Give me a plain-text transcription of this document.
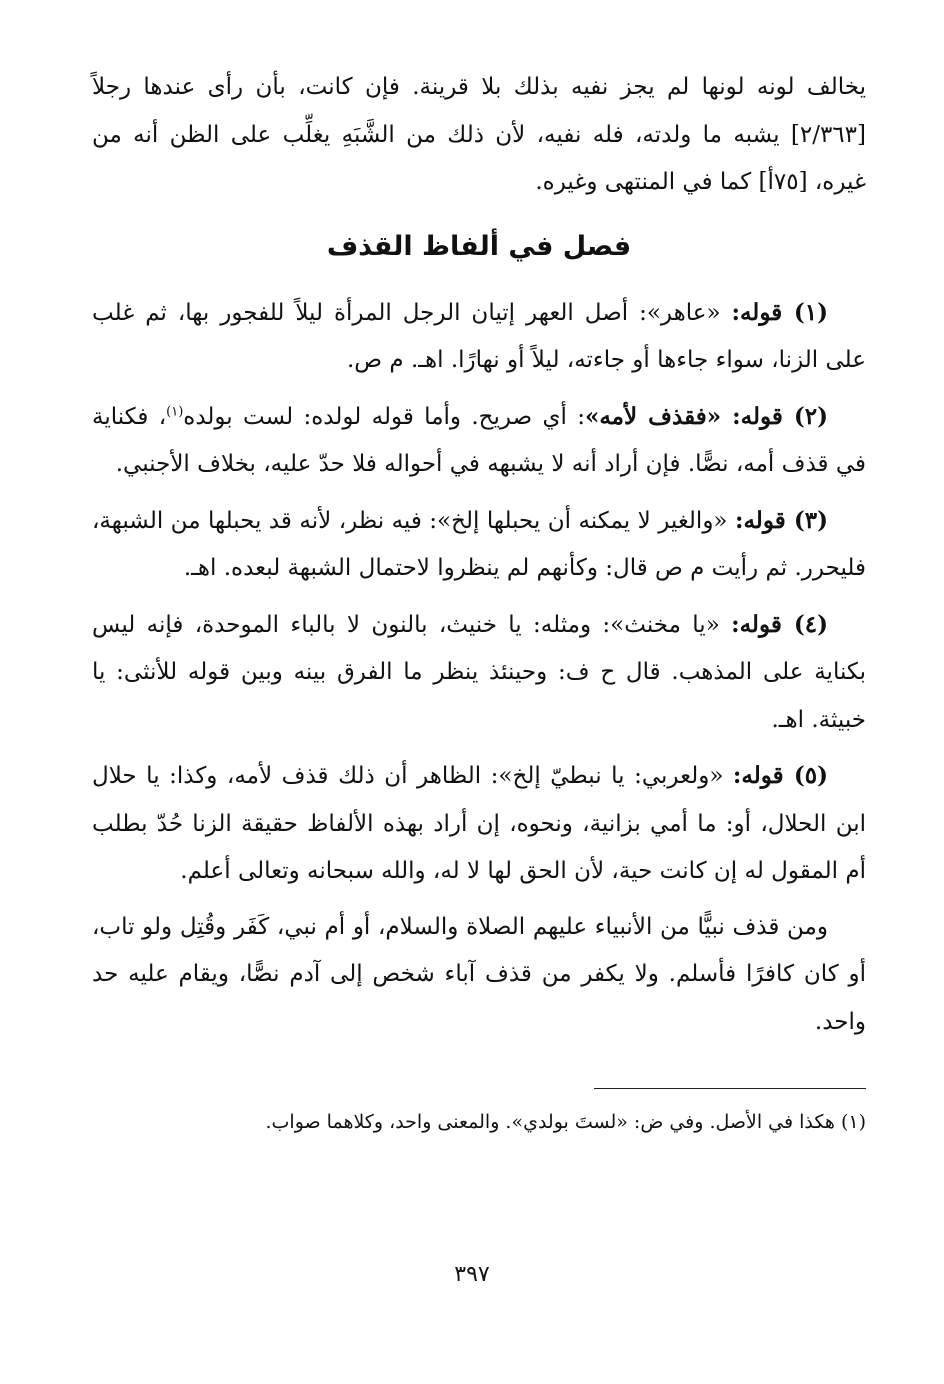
يخالف لونه لونها لم يجز نفيه بذلك بلا قرينة. فإن كانت، بأن رأى عندها رجلاً [٢/٣٦٣] يشبه ما ولدته، فله نفيه، لأن ذلك من الشَّبَهِ يغلِّب على الظن أنه من غيره، [٧٥أ] كما في المنتهى وغيره.

فصل في ألفاظ القذف

(١) قوله: «عاهر»: أصل العهر إتيان الرجل المرأة ليلاً للفجور بها، ثم غلب على الزنا، سواء جاءها أو جاءته، ليلاً أو نهارًا. اهـ. م ص.

(٢) قوله: «فقذف لأمه»: أي صريح. وأما قوله لولده: لست بولده$^{(١)}$، فكناية في قذف أمه، نصًّا. فإن أراد أنه لا يشبهه في أحواله فلا حدّ عليه، بخلاف الأجنبي.

(٣) قوله: «والغير لا يمكنه أن يحبلها إلخ»: فيه نظر، لأنه قد يحبلها من الشبهة، فليحرر. ثم رأيت م ص قال: وكأنهم لم ينظروا لاحتمال الشبهة لبعده. اهـ.

(٤) قوله: «يا مخنث»: ومثله: يا خنيث، بالنون لا بالباء الموحدة، فإنه ليس بكناية على المذهب. قال ح ف: وحينئذ ينظر ما الفرق بينه وبين قوله للأنثى: يا خبيثة. اهـ.

(٥) قوله: «ولعربي: يا نبطيّ إلخ»: الظاهر أن ذلك قذف لأمه، وكذا: يا حلال ابن الحلال، أو: ما أمي بزانية، ونحوه، إن أراد بهذه الألفاظ حقيقة الزنا حُدّ بطلب أم المقول له إن كانت حية، لأن الحق لها لا له، والله سبحانه وتعالى أعلم.

ومن قذف نبيًّا من الأنبياء عليهم الصلاة والسلام، أو أم نبي، كَفَر وقُتِل ولو تاب، أو كان كافرًا فأسلم. ولا يكفر من قذف آباء شخص إلى آدم نصًّا، ويقام عليه حد واحد.

(١) هكذا في الأصل. وفي ض: «لستَ بولدي». والمعنى واحد، وكلاهما صواب.

٣٩٧
